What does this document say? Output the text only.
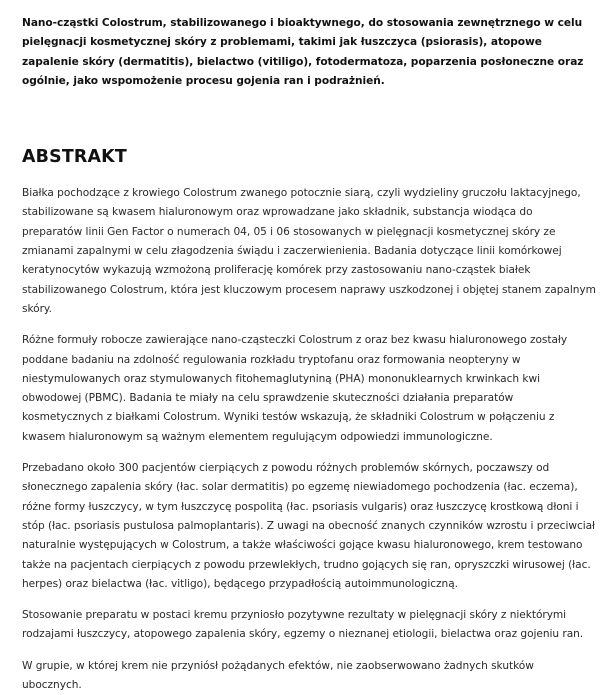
Nano-cząstki Colostrum, stabilizowanego i bioaktywnego, do stosowania zewnętrznego w celu pielęgnacji kosmetycznej skóry z problemami, takimi jak łuszczyca (psiorasis), atopowe zapalenie skóry (dermatitis), bielactwo (vitiligo), fotodermatoza, poparzenia posłoneczne oraz ogólnie, jako wspomożenie procesu gojenia ran i podrażnień.

ABSTRAKT

Białka pochodzące z krowiego Colostrum zwanego potocznie siarą, czyli wydzieliny gruczołu laktacyjnego, stabilizowane są kwasem hialuronowym oraz wprowadzane jako składnik, substancja wiodąca do preparatów linii Gen Factor o numerach 04, 05 i 06 stosowanych w pielęgnacji kosmetycznej skóry ze zmianami zapalnymi w celu złagodzenia świądu i zaczerwienienia. Badania dotyczące linii komórkowej keratynocytów wykazują wzmożoną proliferację komórek przy zastosowaniu nano-cząstek białek stabilizowanego Colostrum, która jest kluczowym procesem naprawy uszkodzonej i objętej stanem zapalnym skóry.

Różne formuły robocze zawierające nano-cząsteczki Colostrum z oraz bez kwasu hialuronowego zostały poddane badaniu na zdolność regulowania rozkładu tryptofanu oraz formowania neopteryny w niestymulowanych oraz stymulowanych fitohemaglutyniną (PHA) mononuklearnych krwinkach kwi obwodowej (PBMC). Badania te miały na celu sprawdzenie skuteczności działania preparatów kosmetycznych z białkami Colostrum. Wyniki testów wskazują, że składniki Colostrum w połączeniu z kwasem hialuronowym są ważnym elementem regulującym odpowiedzi immunologiczne.

Przebadano około 300 pacjentów cierpiących z powodu różnych problemów skórnych, poczawszy od słonecznego zapalenia skóry (łac. solar dermatitis) po egzemę niewiadomego pochodzenia (łac. eczema), różne formy łuszczycy, w tym łuszczycę pospolitą (łac. psoriasis vulgaris) oraz łuszczycę krostkową dłoni i stóp (łac. psoriasis pustulosa palmoplantaris). Z uwagi na obecność znanych czynników wzrostu i przeciwciał naturalnie występujących w Colostrum, a także właściwości gojące kwasu hialuronowego, krem testowano także na pacjentach cierpiących z powodu przewlekłych, trudno gojących się ran, opryszczki wirusowej (łac. herpes) oraz bielactwa (łac. vitligo), będącego przypadłością autoimmunologiczną.

Stosowanie preparatu w postaci kremu przyniosło pozytywne rezultaty w pielęgnacji skóry z niektórymi rodzajami łuszczycy, atopowego zapalenia skóry, egzemy o nieznanej etiologii, bielactwa oraz gojeniu ran.

W grupie, w której krem nie przyniósł pożądanych efektów, nie zaobserwowano żadnych skutków ubocznych.
